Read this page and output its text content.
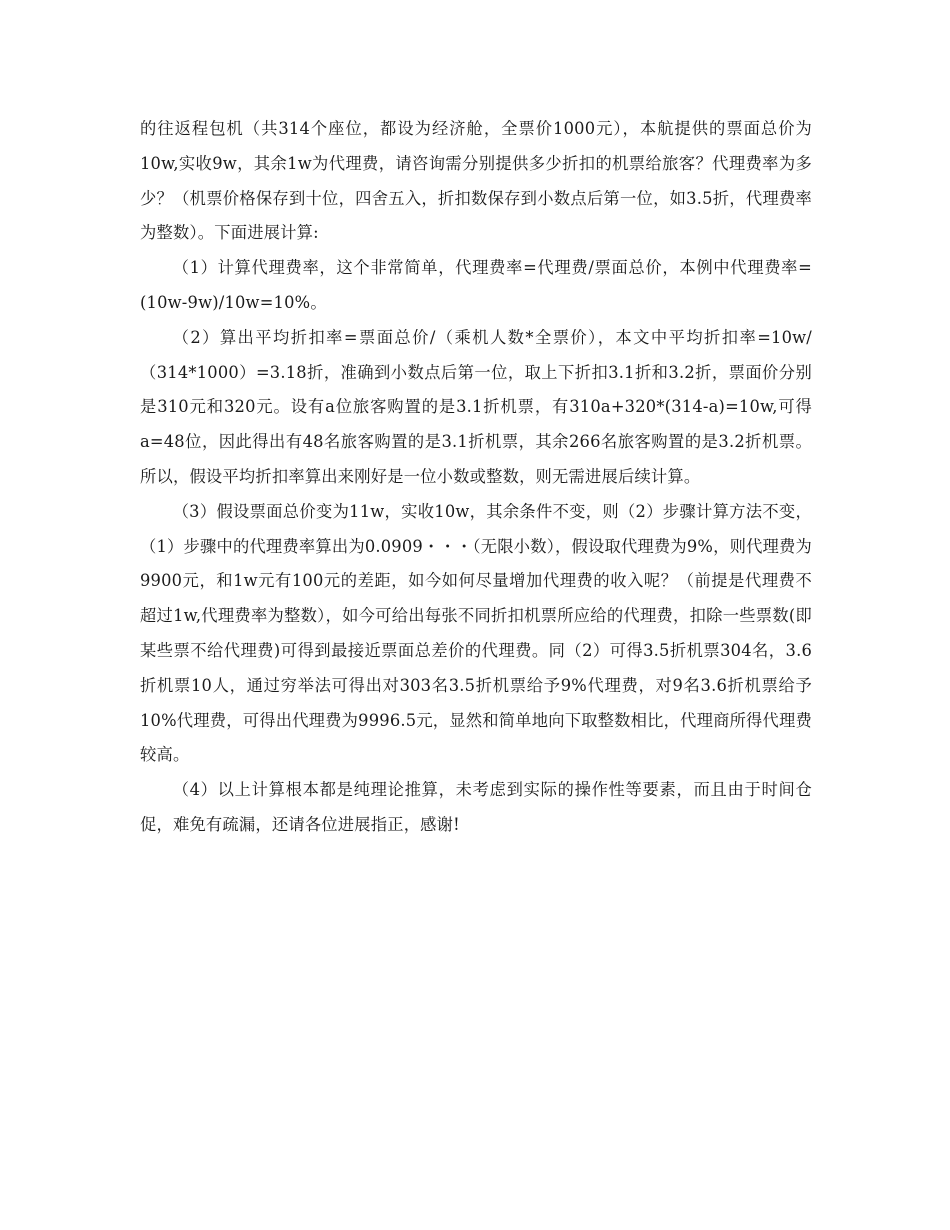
的往返程包机（共314个座位，都设为经济舱，全票价1000元），本航提供的票面总价为10w,实收9w，其余1w为代理费，请咨询需分别提供多少折扣的机票给旅客？代理费率为多少？（机票价格保存到十位，四舍五入，折扣数保存到小数点后第一位，如3.5折，代理费率为整数）。下面进展计算:

（1）计算代理费率，这个非常简单，代理费率=代理费/票面总价，本例中代理费率=(10w-9w)/10w=10%。

（2）算出平均折扣率=票面总价/（乘机人数*全票价），本文中平均折扣率=10w/（314*1000）=3.18折，准确到小数点后第一位，取上下折扣3.1折和3.2折，票面价分别是310元和320元。设有a位旅客购置的是3.1折机票，有310a+320*(314-a)=10w,可得a=48位，因此得出有48名旅客购置的是3.1折机票，其余266名旅客购置的是3.2折机票。所以，假设平均折扣率算出来刚好是一位小数或整数，则无需进展后续计算。

（3）假设票面总价变为11w，实收10w，其余条件不变，则（2）步骤计算方法不变，（1）步骤中的代理费率算出为0.0909・・・（无限小数），假设取代理费为9%，则代理费为9900元，和1w元有100元的差距，如今如何尽量增加代理费的收入呢？（前提是代理费不超过1w,代理费率为整数），如今可给出每张不同折扣机票所应给的代理费，扣除一些票数(即某些票不给代理费)可得到最接近票面总差价的代理费。同（2）可得3.5折机票304名，3.6折机票10人，通过穷举法可得出对303名3.5折机票给予9%代理费，对9名3.6折机票给予10%代理费，可得出代理费为9996.5元，显然和简单地向下取整数相比，代理商所得代理费较高。

（4）以上计算根本都是纯理论推算，未考虑到实际的操作性等要素，而且由于时间仓促，难免有疏漏，还请各位进展指正，感谢!
